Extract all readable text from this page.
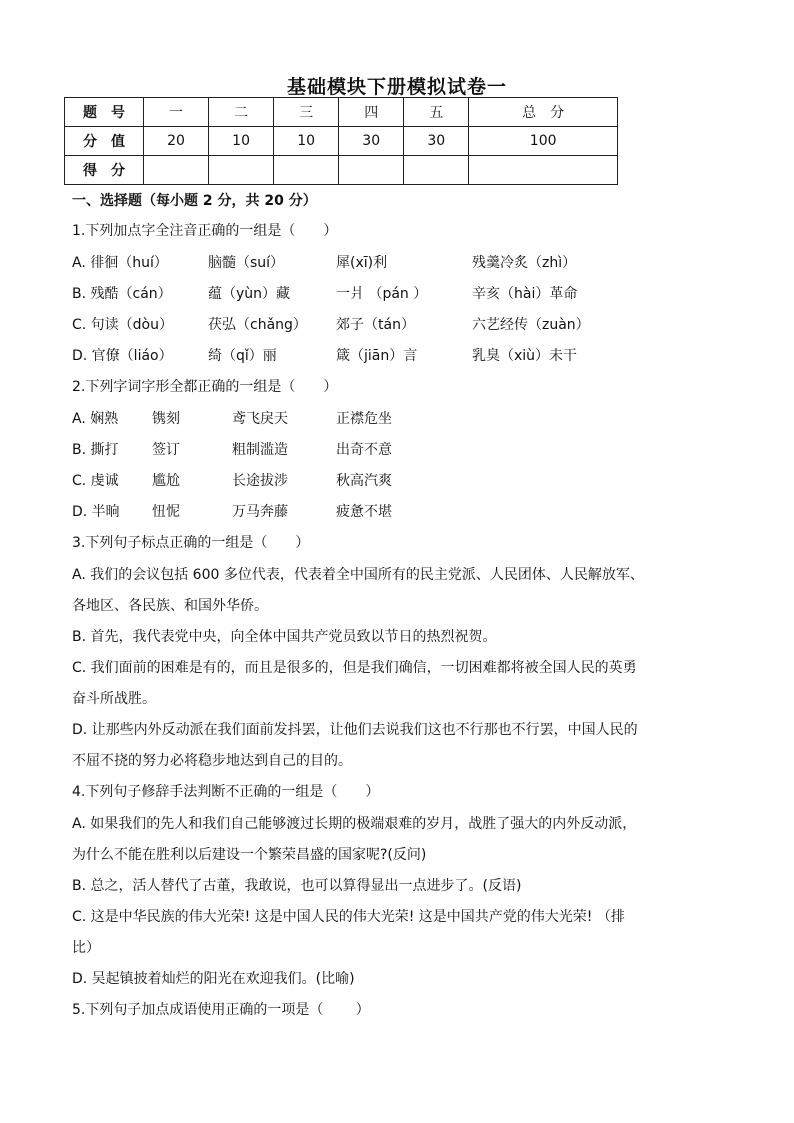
基础模块下册模拟试卷一
题　号	一	二	三	四	五	总　分
分　值	20	10	10	30	30	100
得　分						
一、选择题（每小题 2 分，共 20 分）
1.下列加点字全注音正确的一组是（　　）
A. 徘徊（huí）	脑髓（suí）	犀(xī)利	残羹冷炙（zhì）
B. 残酷（cán）	蕴（yùn）藏	一爿 （pán ）	辛亥（hài）革命
C. 句读（dòu） 茯弘（chǎng） 郊子（tán）	六艺经传（zuàn）
D. 官僚（liáo）	绮（qǐ）丽	箴（jiān）言	乳臭（xiù）未干
2.下列字词字形全都正确的一组是（　　）
A. 娴熟 镌刻	鸢飞戾天	正襟危坐
B. 撕打 签订	粗制滥造	出奇不意
C. 虔诚 尴尬	长途拔涉	秋高汽爽
D. 半晌 忸怩	万马奔藤	疲惫不堪
3.下列句子标点正确的一组是（　　）
A. 我们的会议包括 600 多位代表，代表着全中国所有的民主党派、人民团体、人民解放军、
各地区、各民族、和国外华侨。
B. 首先，我代表党中央，向全体中国共产党员致以节日的热烈祝贺。
C. 我们面前的困难是有的，而且是很多的，但是我们确信，一切困难都将被全国人民的英勇
奋斗所战胜。
D. 让那些内外反动派在我们面前发抖罢，让他们去说我们这也不行那也不行罢，中国人民的
不屈不挠的努力必将稳步地达到自己的目的。
4.下列句子修辞手法判断不正确的一组是（　　）
A. 如果我们的先人和我们自己能够渡过长期的极端艰难的岁月，战胜了强大的内外反动派，
为什么不能在胜利以后建设一个繁荣昌盛的国家呢?(反问)
B. 总之，活人替代了古董，我敢说，也可以算得显出一点进步了。(反语)
C. 这是中华民族的伟大光荣! 这是中国人民的伟大光荣! 这是中国共产党的伟大光荣! （排
比）
D. 吴起镇披着灿烂的阳光在欢迎我们。(比喻)
5.下列句子加点成语使用正确的一项是（　　 ）
